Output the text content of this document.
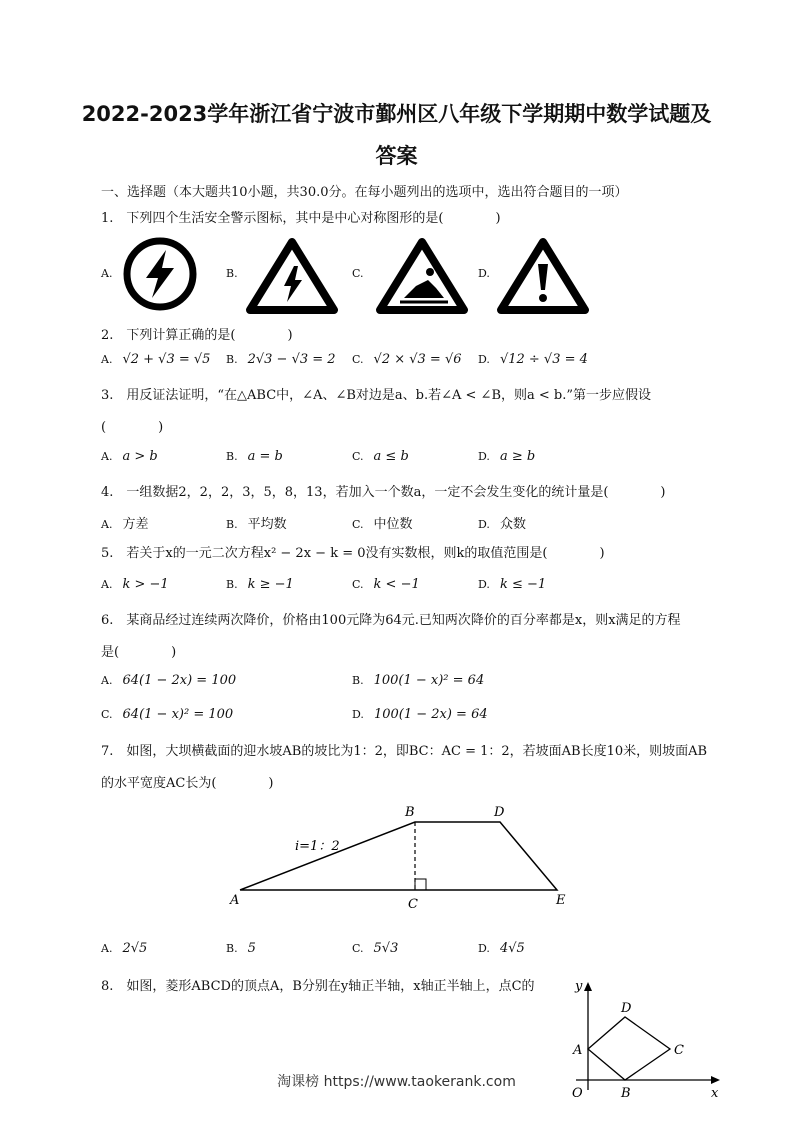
2022-2023学年浙江省宁波市鄞州区八年级下学期期中数学试题及
答案
一、选择题（本大题共10小题，共30.0分。在每小题列出的选项中，选出符合题目的一项）
1.　下列四个生活安全警示图标，其中是中心对称图形的是(　　　　)
A.	B.	C.	D.
2.　下列计算正确的是(　　　　)
A. √2 + √3 = √5 B. 2√3 − √3 = 2 C. √2 × √3 = √6 D. √12 ÷ √3 = 4
3.　用反证法证明，“在△ABC中，∠A、∠B对边是a、b.若∠A < ∠B，则a < b.”第一步应假设
(　　　　)
A. a > b	B. a = b	C. a ≤ b	D. a ≥ b
4.　一组数据2，2，2，3，5，8，13，若加入一个数a，一定不会发生变化的统计量是(　　　　)
A. 方差	B. 平均数	C. 中位数	D. 众数
5.　若关于x的一元二次方程x² − 2x − k = 0没有实数根，则k的取值范围是(　　　　)
A. k > −1	B. k ≥ −1	C. k < −1	D. k ≤ −1
6.　某商品经过连续两次降价，价格由100元降为64元.已知两次降价的百分率都是x，则x满足的方程
是(　　　　)
A. 64(1 − 2x) = 100	B. 100(1 − x)² = 64
C. 64(1 − x)² = 100	D. 100(1 − 2x) = 64
7.　如图，大坝横截面的迎水坡AB的坡比为1：2，即BC：AC = 1：2，若坡面AB长度10米，则坡面AB
的水平宽度AC长为(　　　　)
A
B	D
C	E
i=1：2
A. 2√5	B. 5	C. 5√3	D. 4√5
8.　如图，菱形ABCD的顶点A，B分别在y轴正半轴，x轴正半轴上，点C的	y
x
A
D
C
B
O
淘课榜 https://www.taokerank.com
